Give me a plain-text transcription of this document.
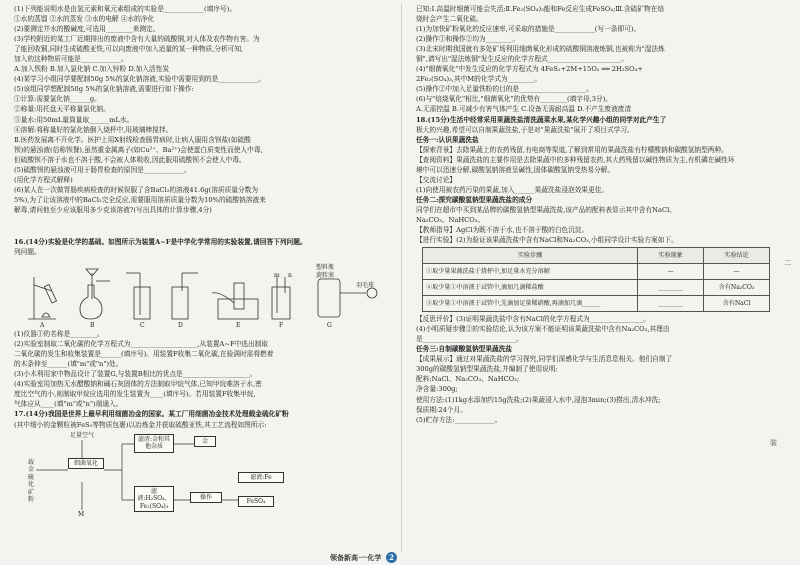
(1)下列能说明水是由氢元素和氧元素组成的实验是____________(填序号)。
①水的蒸馏 ②水的蒸发 ③水的电解 ④水的净化
(2)要测定井水的酸碱度,可选用________来测定。
(3)学校附近的某工厂近期排出的废液中含有大量的硫酸铜,对人体及农作物有害。为
了能回收铜,同时生成硫酸亚铁,可以向废液中加入适量的某一种物质,分析可知,
加入的这种物质可能是____________。
A.加入铁粉 B.加入氯化钠 C.加入锌粉 D.加入活性炭
(4)某学习小组同学要配制50g 5%的氯化钠溶液,实验中需要用到的是____________。
(5)该组同学想配制50g 5%的氯化钠溶液,需要进行如下操作:
①计算:需要氯化钠______g。
②称量:用托盘天平称量氯化钠。
③量水:用50mL量筒量取______mL水。
④溶解:将称量好的氯化钠倒入烧杯中,用玻璃棒搅拌。
Ⅱ.医药发展离不开化学。医护上用X射线检查肠胃病时,让病人服用含钡盐(如硫酸
钡)的悬浊液(俗称钡餐),虽然重金属离子(如Cu²⁺、Ba²⁺)会使蛋白质变性而使人中毒,
但硫酸钡不溶于水也不溶于酸,不会被人体吸收,因此服用硫酸钡不会使人中毒。
(5)硫酸钡的悬浊液可用于肠胃检查的原因是____________。
(用化学方程式解释)
(6)某人在一次做胃肠疾病检查的时候误服了含BaCl₂的溶液41.6g(溶质质量分数为
5%),为了让该溶液中的BaCl₂完全反应,需要服用溶质质量分数为10%的硫酸钠溶液来
解毒,请问他至少应该服用多少克该溶液?(写出具体的计算步骤,4分)
16.(14分)实验是化学的基础。如图所示为装置A~F是中学化学常用的实验装置,请回答下列问题。
列问题。
m n
塑料瓶
旋转塞
羽毛球
A	B	C	D	E	F	G
(1)仪器①的名称是________。
(2)实验室制取二氧化碳的化学方程式为____________________,从装置A~F中选出制取
二氧化碳的发生和收集装置是______(填序号)。用装置F收集二氧化碳,在验满时需将燃着
的木条伸至______(填"m"或"n")处。
(3)小木利用家中物品设计了装置G,与装置B相比的优点是____________________。
(4)实验室用加热无水醋酸钠和碱石灰固体的方法制取甲烷气体,已知甲烷难溶于水,密
度比空气的小,则制取甲烷应选用的发生装置为____(填序号)。若用装置F收集甲烷,
气体应从____(填"m"或"n")端通入。
17.(14分)我国是世界上最早利用细菌冶金的国家。某工厂用细菌冶金技术处理载金硫化矿粉
(其中细小的金颗粒被FeS₂等物质包裹)以冶炼金并获取硫酸亚铁,其工艺流程如图所示:
载金硫化矿粉
足量空气
细菌氧化
滤渣:金和其他杂质
金
滤液:H₂SO₄、Fe₂(SO₄)₃
操作
滤液:Fe
FeSO₄
M
已知:Ⅰ.高温时细菌可能会失活;Ⅱ.Fe₂(SO₄)₃能和Fe反应生成FeSO₄;Ⅲ.含硫矿物在焙
烧时会产生二氧化硫。
(1)为加快矿粉氧化的反应速率,可采取的措施是____________(写一条即可)。
(2)操作①和操作②均为________。
(3)北宋时期我国就有多处矿场利用细菌氧化形成的硫酸铜溶液炼铜,也被称为"湿法炼
铜",请写出"湿法炼铜"发生反应的化学方程式______________________。
(4)"细菌氧化"中发生反应的化学方程式为 4FeS₂+2M+15O₂ ══ 2H₂SO₄+
2Fe₂(SO₄)₃,其中M的化学式为________。
(5)操作②中加入足量铁粉的目的是____________________。
(6)与"焙烧氧化"相比,"细菌氧化"的优势有________(填字母,3分)。
A.无需控温 B.可减少有害气体产生 C.设备无需耐高温 D.不产生废液废渣
18.(15分)生活中经常采用果蔬洗盐清洗蔬菜水果,某化学兴趣小组的同学对此产生了
极大的兴趣,希望可以自制果蔬洗盐,于是对"果蔬洗盐"展开了项目式学习。
任务一:认识果蔬洗盐
【探索背景】去除果蔬上的农药残留,有电商等渠道,了解到常用的果蔬洗盐有柠檬酸钠和碳酸氢钠型两种。
【查阅资料】果蔬洗盐的主要作用是去除果蔬中的多种残留农药,其大药残留以碱性物质为主,有机磷在碱性环
境中可以迅速分解,碳酸氢钠溶液呈碱性,固体碳酸氢钠受热易分解。
【交流讨论】
(1)向使用被农药污染的果蔬,加入______果蔬洗盐浸泡效果更佳。
任务二:探究碳酸氢钠型果蔬洗盐的成分
同学们在超市中买到某品牌的碳酸氢钠型果蔬洗盐,该产品的配料表显示其中含有NaCl、
Na₂CO₃、NaHCO₃。
【教师指导】AgCl为既不溶于水,也不溶于酸的白色沉淀。
【进行实验】(2)为验证该果蔬洗盐中含有NaCl和Na₂CO₃,小组同学设计实验方案如下。
实验步骤	实验现象	实验结论
①取少量果蔬洗盐于烧杯中,加足量水充分溶解	—	—
②取少量①中溶液于试管中,滴加几滴稀盐酸	________	含有Na₂CO₃
③取少量①中溶液于试管中,先滴加足量稀硝酸,再滴加几滴______	________	含有NaCl
【反思评价】(3)证明果蔬洗盐中含有NaCl的化学方程式为________________。
(4)小明质疑步骤②的实验结论,认为该方案不能证明该果蔬洗盐中含有Na₂CO₃,其理由
是____________________________。
任务三:自制碳酸氢钠型果蔬洗盐
【成果展示】通过对果蔬洗盐的学习探究,同学们深感化学与生活息息相关。他们自制了
300g的碳酸氢钠型果蔬洗盐,并编制了使用说明:
配料:NaCl、Na₂CO₃、NaHCO₃;
净含量:300g;
使用方法:(1)1kg水添加约15g洗盐;(2)果蔬浸入水中,浸泡3min;(3)捞出,清水冲洗;
保质期:24个月。
(5)贮存方法:____________。
二
装
领备新高一·化学 2
